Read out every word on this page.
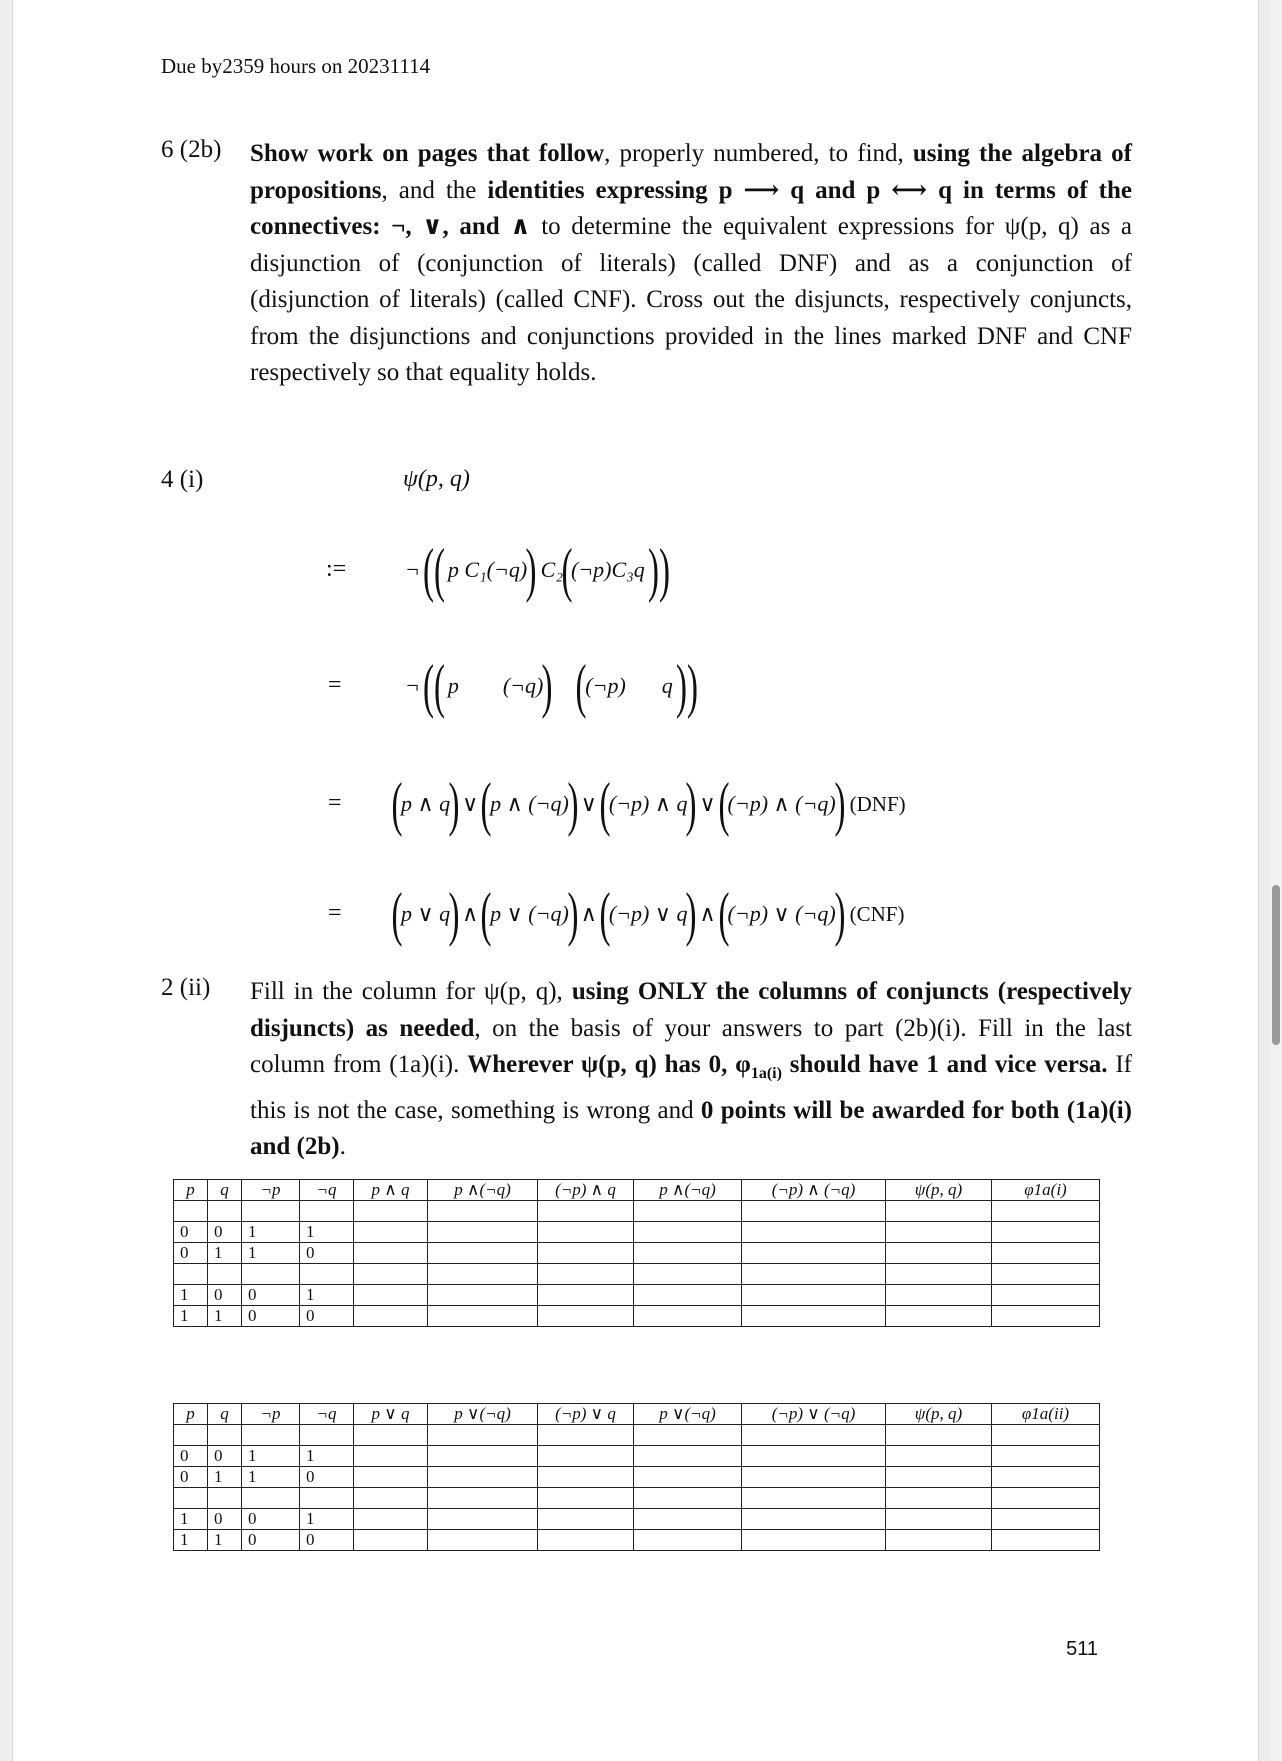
Due by2359 hours on 20231114
6 (2b) Show work on pages that follow, properly numbered, to find, using the algebra of propositions, and the identities expressing p ⟶ q and p ⟷ q in terms of the connectives: ¬, ∨, and ∧ to determine the equivalent expressions for ψ(p, q) as a disjunction of (conjunction of literals) (called DNF) and as a conjunction of (disjunction of literals) (called CNF). Cross out the disjuncts, respectively conjuncts, from the disjunctions and conjunctions provided in the lines marked DNF and CNF respectively so that equality holds.
4 (i)	ψ(p, q)
:=	¬ (( p
C₁ (¬q)
)
C₂
(
(¬p) C₃ q ))
=	¬ (( p (¬q)
) (
(¬p) q ))
= (
p ∧ q
) ∨ (
p ∧ (¬q)
) ∨ (
(¬p) ∧ q
) ∨ (
(¬p) ∧ (¬q)
) (DNF)
= (
p ∨ q
) ∧ (
p ∨ (¬q)
) ∧ (
(¬p) ∨ q
) ∧ (
(¬p) ∨ (¬q)
) (CNF)
2 (ii) Fill in the column for ψ(p, q), using ONLY the columns of conjuncts (respectively disjuncts) as needed, on the basis of your answers to part (2b)(i). Fill in the last column from (1a)(i). Wherever ψ(p, q) has 0, $\varphi_{1a(i)}$ should have 1 and vice versa. If this is not the case, something is wrong and 0 points will be awarded for both (1a)(i) and (2b).
p	q	¬p	¬q	p ∧ q	p ∧(¬q)	(¬p) ∧ q	p ∧(¬q)	(¬p) ∧ (¬q)	ψ(p, q)	φ1a(i)

0	0	1	1							
0	1	1	0							

1	0	0	1							
1	1	0	0							
p	q	¬p	¬q	p ∨ q	p ∨(¬q)	(¬p) ∨ q	p ∨(¬q)	(¬p) ∨ (¬q)	ψ(p, q)	φ1a(ii)

0	0	1	1							
0	1	1	0							

1	0	0	1							
1	1	0	0							
511
